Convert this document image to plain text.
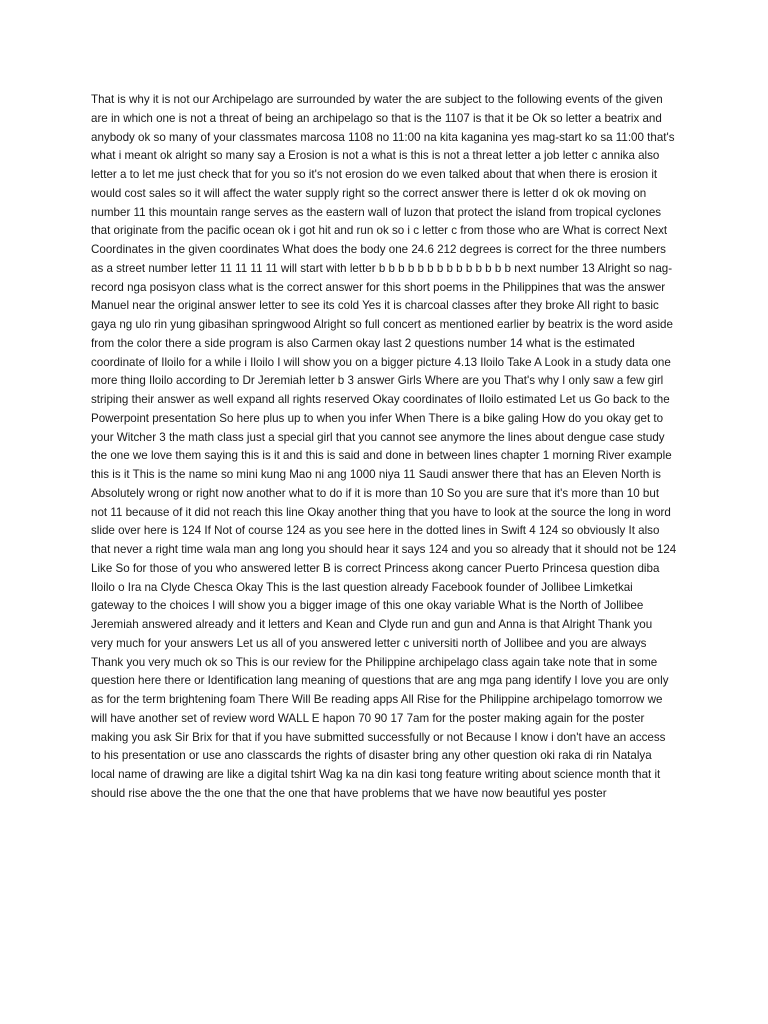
That is why it is not our Archipelago are surrounded by water the are subject to the following events of the given are in which one is not a threat of being an archipelago so that is the 1107 is that it be Ok so letter a beatrix and anybody ok so many of your classmates marcosa 1108 no 11:00 na kita kaganina yes mag-start ko sa 11:00 that's what i meant ok alright so many say a Erosion is not a what is this is not a threat letter a job letter c annika also letter a to let me just check that for you so it's not erosion do we even talked about that when there is erosion it would cost sales so it will affect the water supply right so the correct answer there is letter d ok ok moving on number 11 this mountain range serves as the eastern wall of luzon that protect the island from tropical cyclones that originate from the pacific ocean ok i got hit and run ok so i c letter c from those who are What is correct Next Coordinates in the given coordinates What does the body one 24.6 212 degrees is correct for the three numbers as a street number letter 11 11 11 11 will start with letter b b b b b b b b b b b b b b next number 13 Alright so nag-record nga posisyon class what is the correct answer for this short poems in the Philippines that was the answer Manuel near the original answer letter to see its cold Yes it is charcoal classes after they broke All right to basic gaya ng ulo rin yung gibasihan springwood Alright so full concert as mentioned earlier by beatrix is the word aside from the color there a side program is also Carmen okay last 2 questions number 14 what is the estimated coordinate of Iloilo for a while i Iloilo I will show you on a bigger picture 4.13 Iloilo Take A Look in a study data one more thing Iloilo according to Dr Jeremiah letter b 3 answer Girls Where are you That's why I only saw a few girl striping their answer as well expand all rights reserved Okay coordinates of Iloilo estimated Let us Go back to the Powerpoint presentation So here plus up to when you infer When There is a bike galing How do you okay get to your Witcher 3 the math class just a special girl that you cannot see anymore the lines about dengue case study the one we love them saying this is it and this is said and done in between lines chapter 1 morning River example this is it This is the name so mini kung Mao ni ang 1000 niya 11 Saudi answer there that has an Eleven North is Absolutely wrong or right now another what to do if it is more than 10 So you are sure that it's more than 10 but not 11 because of it did not reach this line Okay another thing that you have to look at the source the long in word slide over here is 124 If Not of course 124 as you see here in the dotted lines in Swift 4 124 so obviously It also that never a right time wala man ang long you should hear it says 124 and you so already that it should not be 124 Like So for those of you who answered letter B is correct Princess akong cancer Puerto Princesa question diba Iloilo o Ira na Clyde Chesca Okay This is the last question already Facebook founder of Jollibee Limketkai gateway to the choices I will show you a bigger image of this one okay variable What is the North of Jollibee Jeremiah answered already and it letters and Kean and Clyde run and gun and Anna is that Alright Thank you very much for your answers Let us all of you answered letter c universiti north of Jollibee and you are always Thank you very much ok so This is our review for the Philippine archipelago class again take note that in some question here there or Identification lang meaning of questions that are ang mga pang identify I love you are only as for the term brightening foam There Will Be reading apps All Rise for the Philippine archipelago tomorrow we will have another set of review word WALL E hapon 70 90 17 7am for the poster making again for the poster making you ask Sir Brix for that if you have submitted successfully or not Because I know i don't have an access to his presentation or use ano classcards the rights of disaster bring any other question oki raka di rin Natalya local name of drawing are like a digital tshirt Wag ka na din kasi tong feature writing about science month that it should rise above the the one that the one that have problems that we have now beautiful yes poster
